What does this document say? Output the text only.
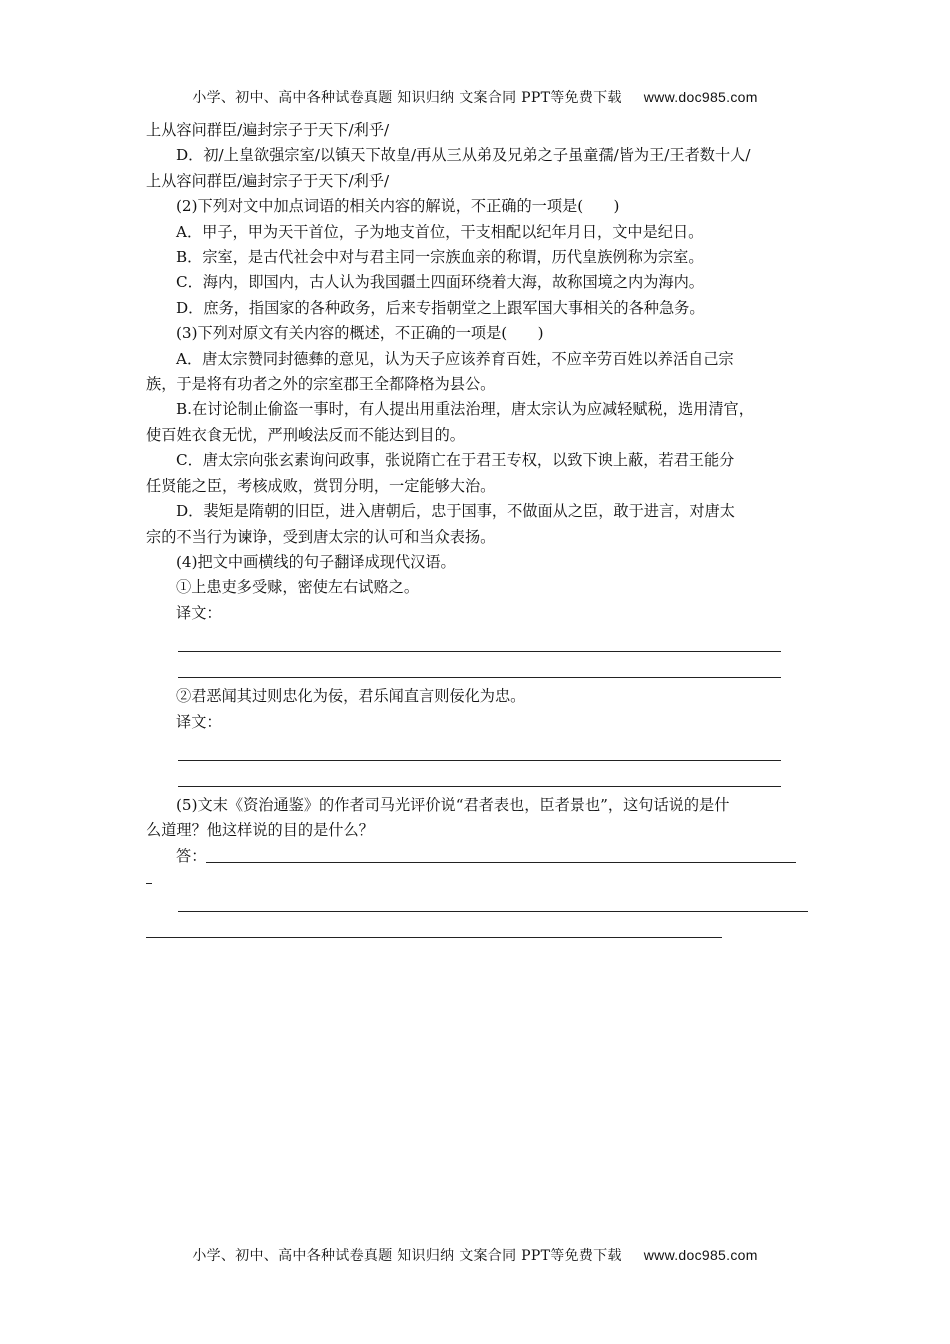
小学、初中、高中各种试卷真题 知识归纳 文案合同 PPT等免费下载 www.doc985.com

上从容问群臣/遍封宗子于天下/利乎/

D．初/上皇欲强宗室/以镇天下故皇/再从三从弟及兄弟之子虽童孺/皆为王/王者数十人/

上从容问群臣/遍封宗子于天下/利乎/

(2)下列对文中加点词语的相关内容的解说，不正确的一项是(　　)

A．甲子，甲为天干首位，子为地支首位，干支相配以纪年月日，文中是纪日。

B．宗室，是古代社会中对与君主同一宗族血亲的称谓，历代皇族例称为宗室。

C．海内，即国内，古人认为我国疆土四面环绕着大海，故称国境之内为海内。

D．庶务，指国家的各种政务，后来专指朝堂之上跟军国大事相关的各种急务。

(3)下列对原文有关内容的概述，不正确的一项是(　　)

A．唐太宗赞同封德彝的意见，认为天子应该养育百姓，不应辛劳百姓以养活自己宗

族，于是将有功者之外的宗室郡王全都降格为县公。

B.在讨论制止偷盗一事时，有人提出用重法治理，唐太宗认为应减轻赋税，选用清官，

使百姓衣食无忧，严刑峻法反而不能达到目的。

C．唐太宗向张玄素询问政事，张说隋亡在于君王专权，以致下谀上蔽，若君王能分

任贤能之臣，考核成败，赏罚分明，一定能够大治。

D．裴矩是隋朝的旧臣，进入唐朝后，忠于国事，不做面从之臣，敢于进言，对唐太

宗的不当行为谏诤，受到唐太宗的认可和当众表扬。

(4)把文中画横线的句子翻译成现代汉语。

①上患吏多受赇，密使左右试赂之。

译文：

②君恶闻其过则忠化为佞，君乐闻直言则佞化为忠。

译文：

(5)文末《资治通鉴》的作者司马光评价说“君者表也，臣者景也”，这句话说的是什

么道理？他这样说的目的是什么？

答：
小学、初中、高中各种试卷真题 知识归纳 文案合同 PPT等免费下载 www.doc985.com
